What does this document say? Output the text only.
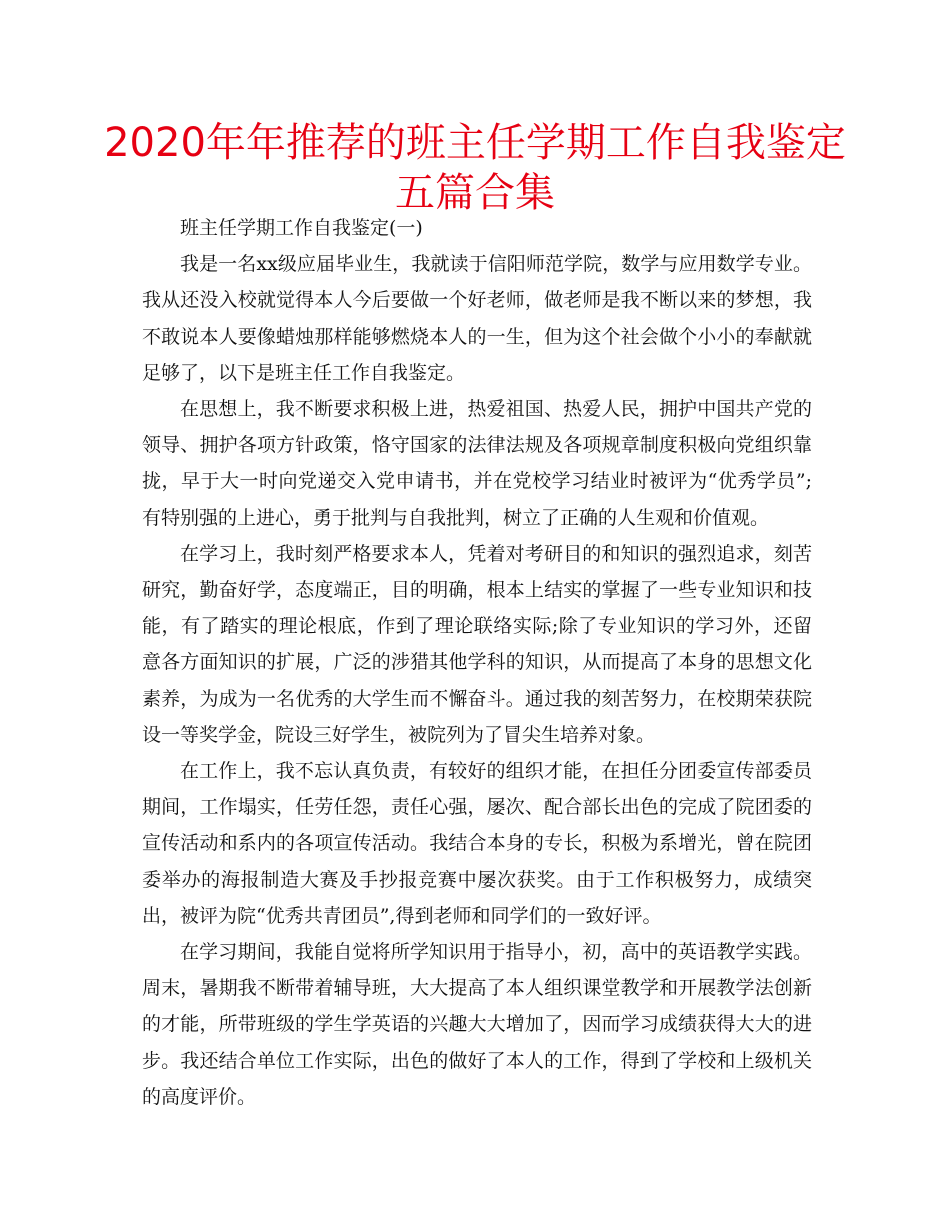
2020年年推荐的班主任学期工作自我鉴定五篇合集

班主任学期工作自我鉴定(一)

我是一名xx级应届毕业生，我就读于信阳师范学院，数学与应用数学专业。我从还没入校就觉得本人今后要做一个好老师，做老师是我不断以来的梦想，我不敢说本人要像蜡烛那样能够燃烧本人的一生，但为这个社会做个小小的奉献就足够了，以下是班主任工作自我鉴定。

在思想上，我不断要求积极上进，热爱祖国、热爱人民，拥护中国共产党的领导、拥护各项方针政策，恪守国家的法律法规及各项规章制度积极向党组织靠拢，早于大一时向党递交入党申请书，并在党校学习结业时被评为“优秀学员”;有特别强的上进心，勇于批判与自我批判，树立了正确的人生观和价值观。

在学习上，我时刻严格要求本人，凭着对考研目的和知识的强烈追求，刻苦研究，勤奋好学，态度端正，目的明确，根本上结实的掌握了一些专业知识和技能，有了踏实的理论根底，作到了理论联络实际;除了专业知识的学习外，还留意各方面知识的扩展，广泛的涉猎其他学科的知识，从而提高了本身的思想文化素养，为成为一名优秀的大学生而不懈奋斗。通过我的刻苦努力，在校期荣获院设一等奖学金，院设三好学生，被院列为了冒尖生培养对象。

在工作上，我不忘认真负责，有较好的组织才能，在担任分团委宣传部委员期间，工作塌实，任劳任怨，责任心强，屡次、配合部长出色的完成了院团委的宣传活动和系内的各项宣传活动。我结合本身的专长，积极为系增光，曾在院团委举办的海报制造大赛及手抄报竞赛中屡次获奖。由于工作积极努力，成绩突出，被评为院“优秀共青团员”,得到老师和同学们的一致好评。

在学习期间，我能自觉将所学知识用于指导小，初，高中的英语教学实践。周末，暑期我不断带着辅导班，大大提高了本人组织课堂教学和开展教学法创新的才能，所带班级的学生学英语的兴趣大大增加了，因而学习成绩获得大大的进步。我还结合单位工作实际，出色的做好了本人的工作，得到了学校和上级机关的高度评价。
